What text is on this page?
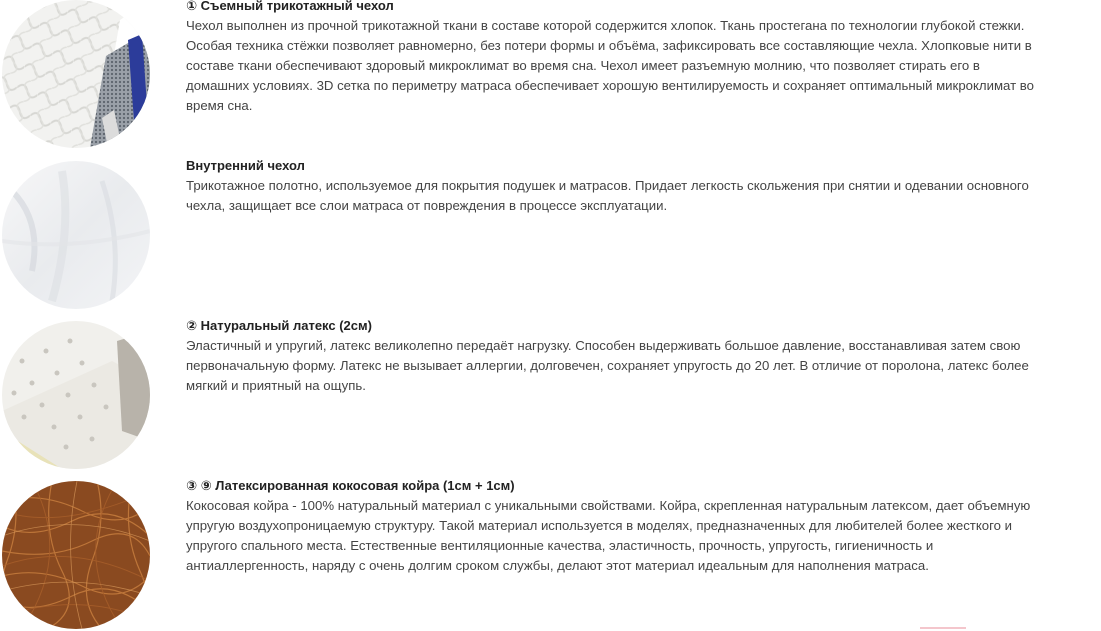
① Съемный трикотажный чехол
Чехол выполнен из прочной трикотажной ткани в составе которой содержится хлопок. Ткань простегана по технологии глубокой стежки.
Особая техника стёжки позволяет равномерно, без потери формы и объёма, зафиксировать все составляющие чехла. Хлопковые нити в
составе ткани обеспечивают здоровый микроклимат во время сна. Чехол имеет разъемную молнию, что позволяет стирать его в
домашних условиях. 3D сетка по периметру матраса обеспечивает хорошую вентилируемость и сохраняет оптимальный микроклимат во
время сна.
Внутренний чехол
Трикотажное полотно, используемое для покрытия подушек и матрасов. Придает легкость скольжения при снятии и одевании основного
чехла, защищает все слои матраса от повреждения в процессе эксплуатации.
② Натуральный латекс (2см)
Эластичный и упругий, латекс великолепно передаёт нагрузку. Способен выдерживать большое давление, восстанавливая затем свою
первоначальную форму. Латекс не вызывает аллергии, долговечен, сохраняет упругость до 20 лет. В отличие от поролона, латекс более
мягкий и приятный на ощупь.
③ ⑨ Латексированная кокосовая койра (1см + 1см)
Кокосовая койра - 100% натуральный материал с уникальными свойствами. Койра, скрепленная натуральным латексом, дает объемную
упругую воздухопроницаемую структуру. Такой материал используется в моделях, предназначенных для любителей более жесткого и
упругого спального места. Естественные вентиляционные качества, эластичность, прочность, упругость, гигиеничность и
антиаллергенность, наряду с очень долгим сроком службы, делают этот материал идеальным для наполнения матраса.
